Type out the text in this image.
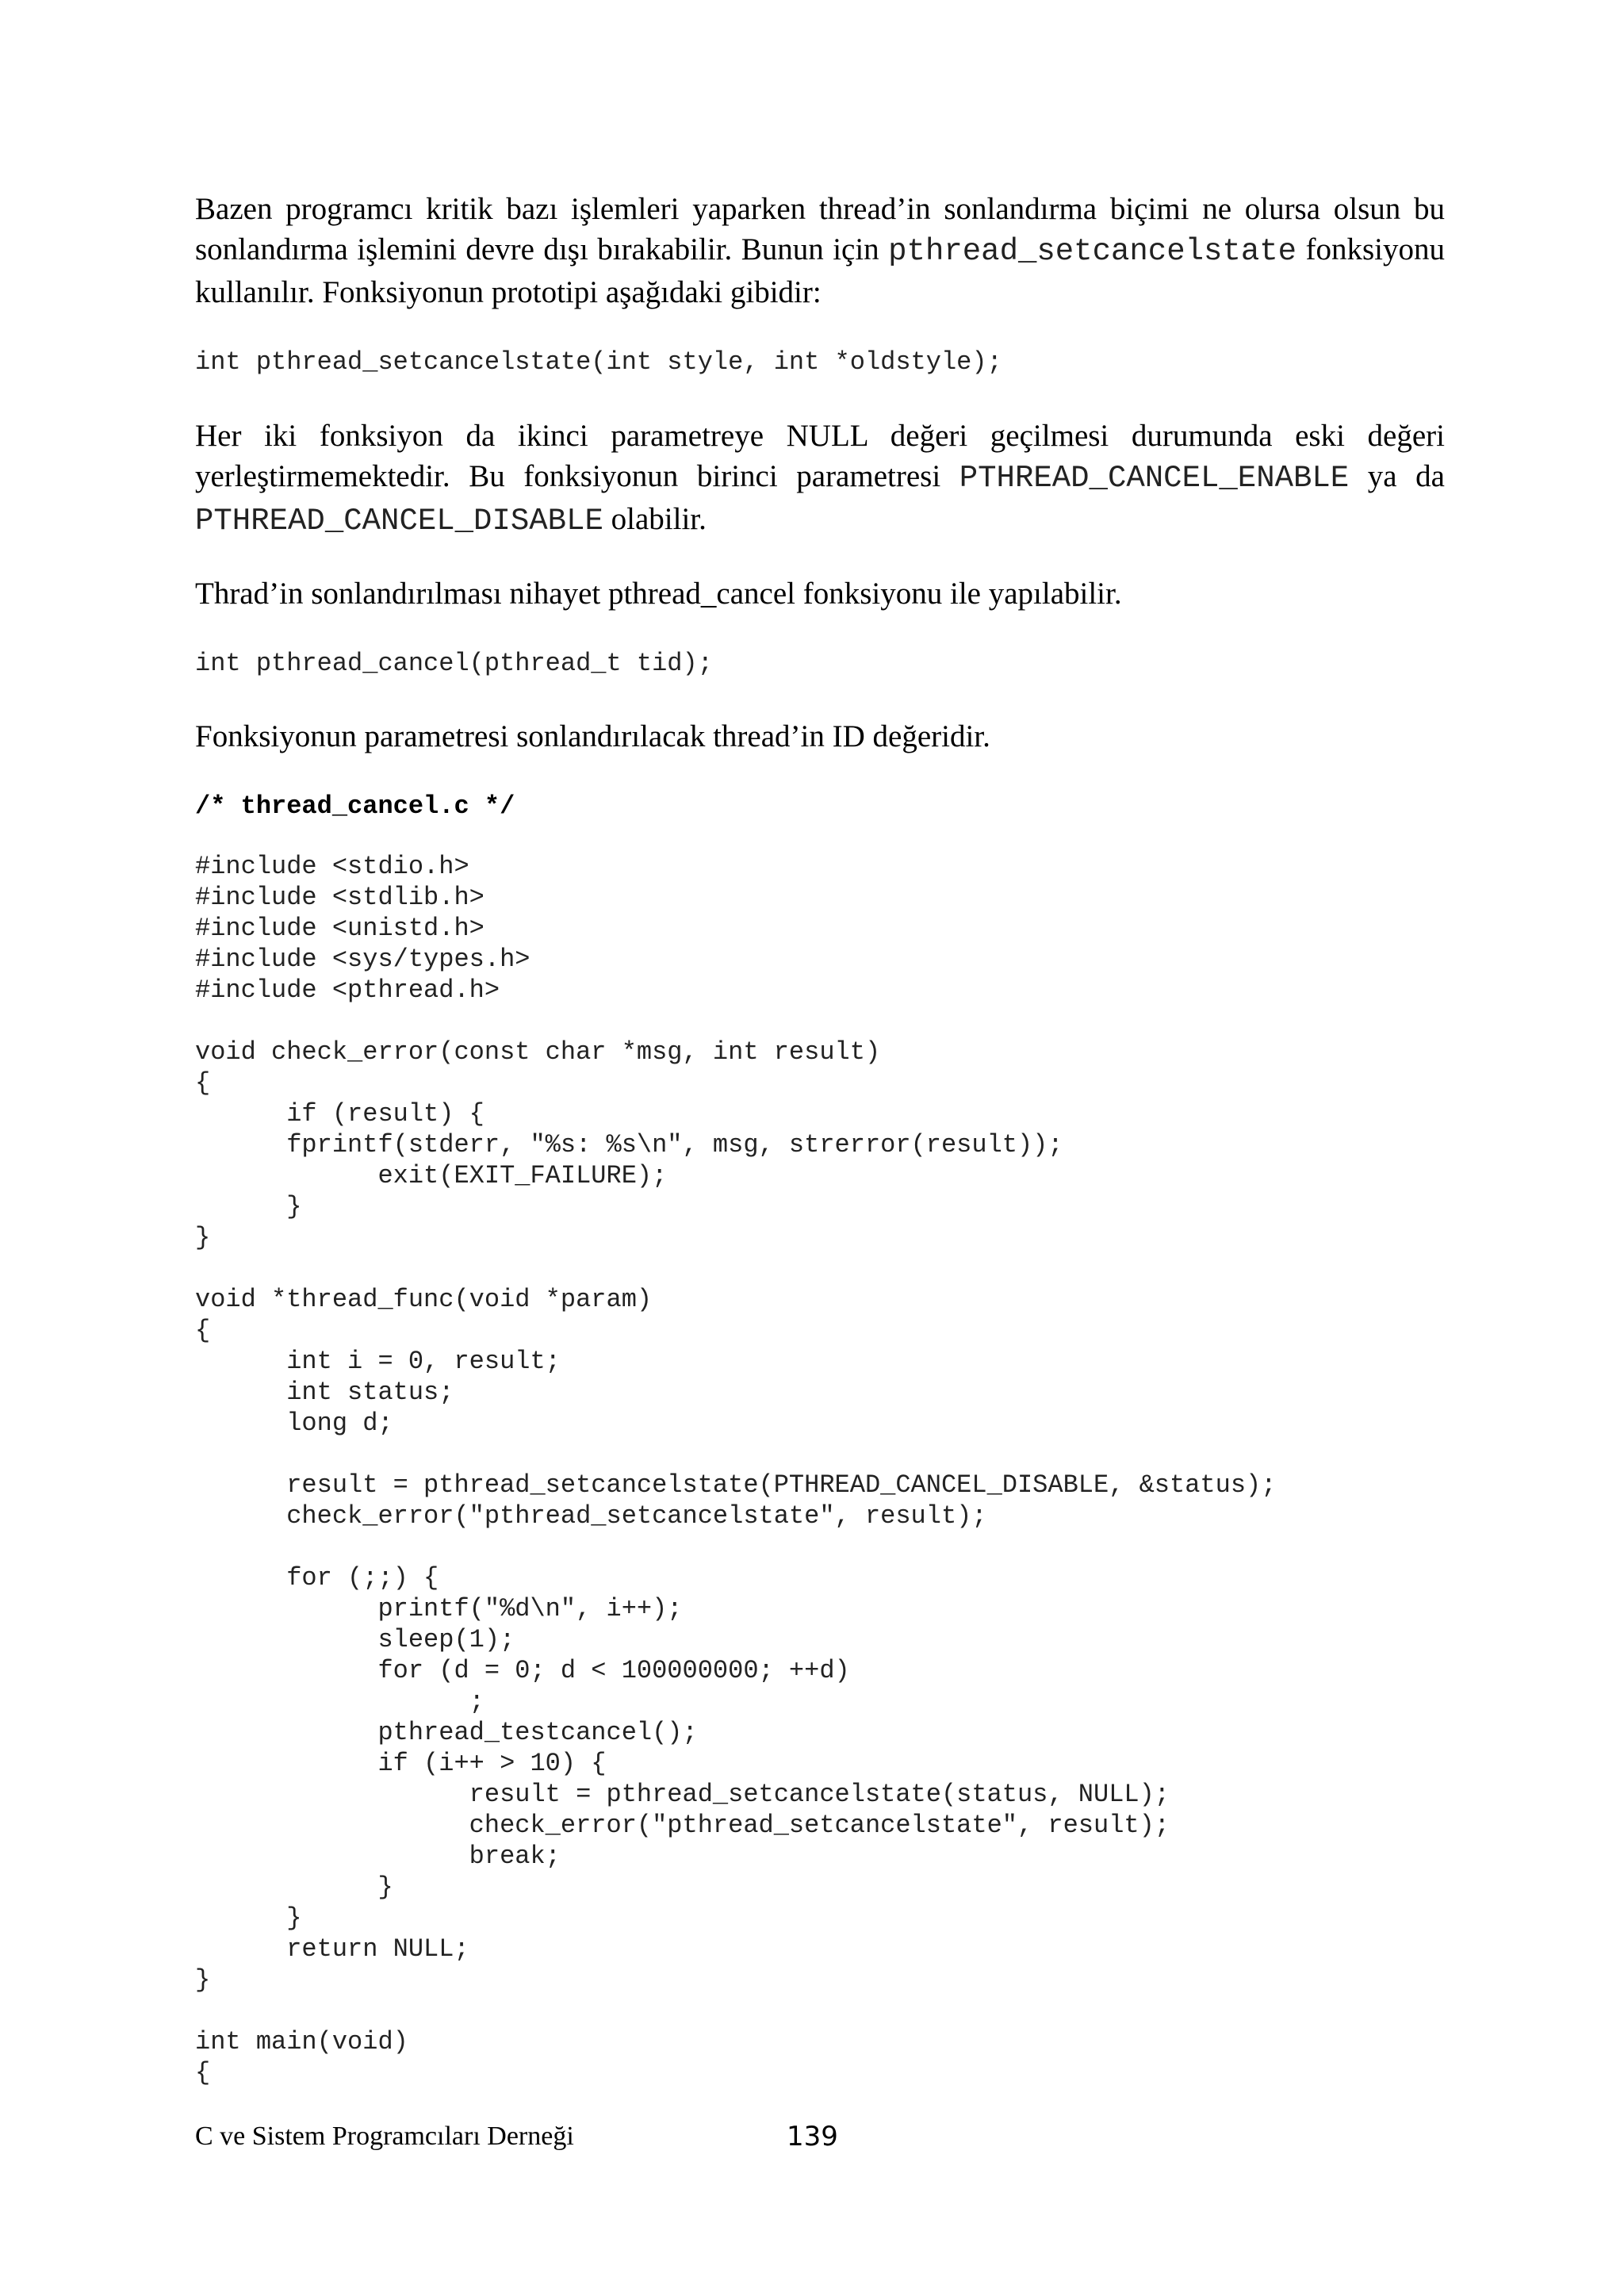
Bazen programcı kritik bazı işlemleri yaparken thread’in sonlandırma biçimi ne olursa olsun bu sonlandırma işlemini devre dışı bırakabilir. Bunun için pthread_setcancelstate fonksiyonu kullanılır. Fonksiyonun prototipi aşağıdaki gibidir:

int pthread_setcancelstate(int style, int *oldstyle);

Her iki fonksiyon da ikinci parametreye NULL değeri geçilmesi durumunda eski değeri yerleştirmemektedir. Bu fonksiyonun birinci parametresi PTHREAD_CANCEL_ENABLE ya da PTHREAD_CANCEL_DISABLE olabilir.

Thrad’in sonlandırılması nihayet pthread_cancel fonksiyonu ile yapılabilir.

int pthread_cancel(pthread_t tid);

Fonksiyonun parametresi sonlandırılacak thread’in ID değeridir.

/* thread_cancel.c */
#include <stdio.h>
#include <stdlib.h>
#include <unistd.h>
#include <sys/types.h>
#include <pthread.h>
void check_error(const char *msg, int result)
{
if (result) {
fprintf(stderr, "%s: %s\n", msg, strerror(result));
exit(EXIT_FAILURE);
}
}
void *thread_func(void *param)
{
int i = 0, result;
int status;
long d;
result = pthread_setcancelstate(PTHREAD_CANCEL_DISABLE, &status);
check_error("pthread_setcancelstate", result);
for (;;) {
printf("%d\n", i++);
sleep(1);
for (d = 0; d < 100000000; ++d)
;
pthread_testcancel();
if (i++ > 10) {
result = pthread_setcancelstate(status, NULL);
check_error("pthread_setcancelstate", result);
break;
}
}
return NULL;
}
int main(void)
{
C ve Sistem Programcıları Derneği	139
